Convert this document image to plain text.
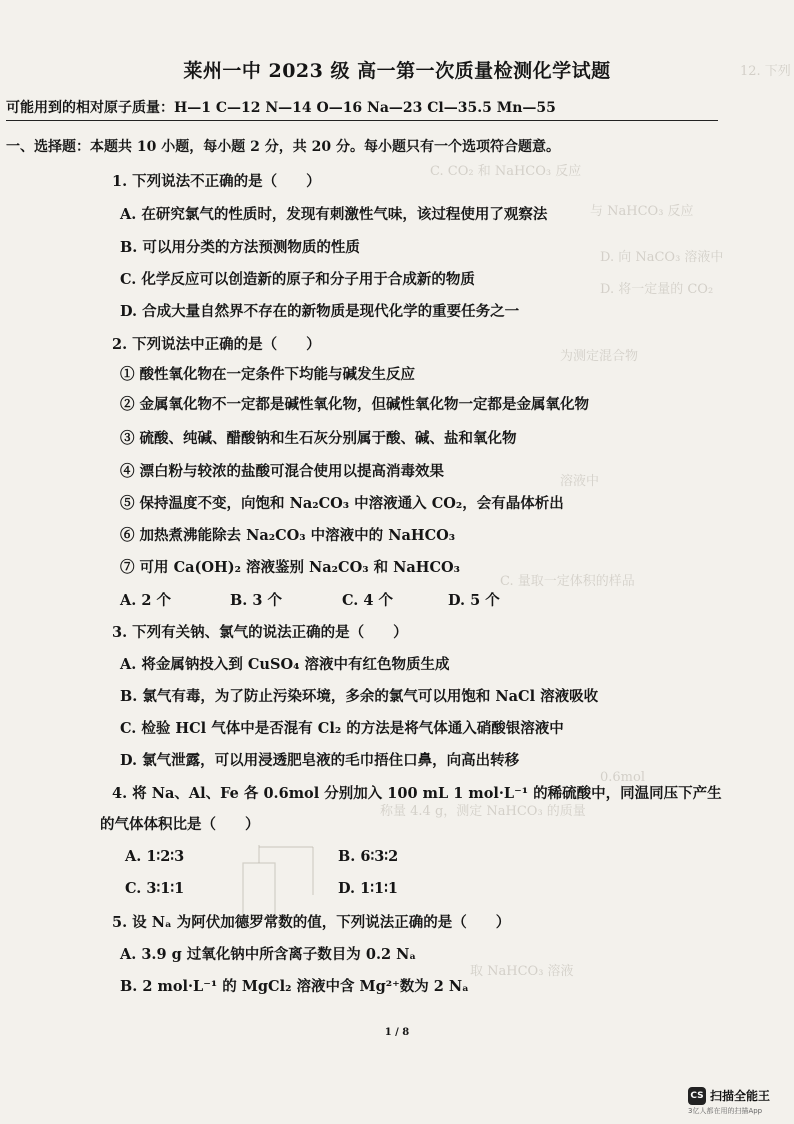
12. 下列
C. CO₂ 和 NaHCO₃ 反应
与 NaHCO₃ 反应
D. 向 NaCO₃ 溶液中
D. 将一定量的 CO₂
为测定混合物
溶液中
C. 量取一定体积的样品
0.6mol
称量 4.4 g，测定 NaHCO₃ 的质量
取 NaHCO₃ 溶液
莱州一中 2023 级 高一第一次质量检测化学试题
可能用到的相对原子质量：H—1 C—12 N—14 O—16 Na—23 Cl—35.5 Mn—55
一、选择题：本题共 10 小题，每小题 2 分，共 20 分。每小题只有一个选项符合题意。
1. 下列说法不正确的是（　　）
A. 在研究氯气的性质时，发现有刺激性气味，该过程使用了观察法
B. 可以用分类的方法预测物质的性质
C. 化学反应可以创造新的原子和分子用于合成新的物质
D. 合成大量自然界不存在的新物质是现代化学的重要任务之一
2. 下列说法中正确的是（　　）
① 酸性氧化物在一定条件下均能与碱发生反应
② 金属氧化物不一定都是碱性氧化物，但碱性氧化物一定都是金属氧化物
③ 硫酸、纯碱、醋酸钠和生石灰分别属于酸、碱、盐和氧化物
④ 漂白粉与较浓的盐酸可混合使用以提高消毒效果
⑤ 保持温度不变，向饱和 Na₂CO₃ 中溶液通入 CO₂，会有晶体析出
⑥ 加热煮沸能除去 Na₂CO₃ 中溶液中的 NaHCO₃
⑦ 可用 Ca(OH)₂ 溶液鉴别 Na₂CO₃ 和 NaHCO₃
A. 2 个	B. 3 个	C. 4 个	D. 5 个
3. 下列有关钠、氯气的说法正确的是（　　）
A. 将金属钠投入到 CuSO₄ 溶液中有红色物质生成
B. 氯气有毒，为了防止污染环境，多余的氯气可以用饱和 NaCl 溶液吸收
C. 检验 HCl 气体中是否混有 Cl₂ 的方法是将气体通入硝酸银溶液中
D. 氯气泄露，可以用浸透肥皂液的毛巾捂住口鼻，向高出转移
4. 将 Na、Al、Fe 各 0.6mol 分别加入 100 mL 1 mol·L⁻¹ 的稀硫酸中，同温同压下产生
的气体体积比是（　　）
A. 1∶2∶3	B. 6∶3∶2
C. 3∶1∶1	D. 1∶1∶1
5. 设 Nₐ 为阿伏加德罗常数的值，下列说法正确的是（　　）
A. 3.9 g 过氧化钠中所含离子数目为 0.2 Nₐ
B. 2 mol·L⁻¹ 的 MgCl₂ 溶液中含 Mg²⁺数为 2 Nₐ
1 / 8
CS 扫描全能王
3亿人都在用的扫描App
